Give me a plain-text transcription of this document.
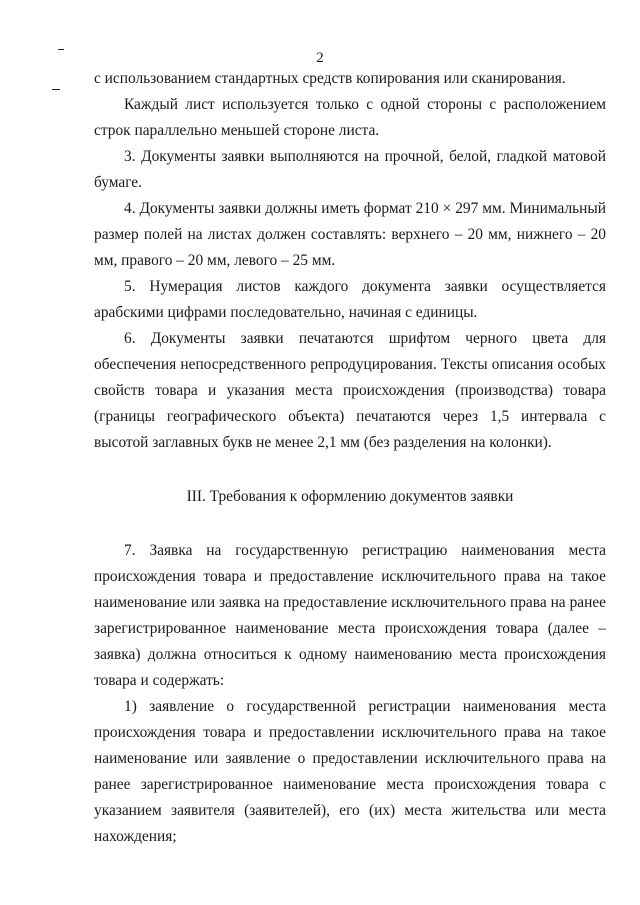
2

с использованием стандартных средств копирования или сканирования.

Каждый лист используется только с одной стороны с расположением строк параллельно меньшей стороне листа.

3. Документы заявки выполняются на прочной, белой, гладкой матовой бумаге.

4. Документы заявки должны иметь формат 210 × 297 мм. Минимальный размер полей на листах должен составлять: верхнего – 20 мм, нижнего – 20 мм, правого – 20 мм, левого – 25 мм.

5. Нумерация листов каждого документа заявки осуществляется арабскими цифрами последовательно, начиная с единицы.

6. Документы заявки печатаются шрифтом черного цвета для обеспечения непосредственного репродуцирования. Тексты описания особых свойств товара и указания места происхождения (производства) товара (границы географического объекта) печатаются через 1,5 интервала с высотой заглавных букв не менее 2,1 мм (без разделения на колонки).

III. Требования к оформлению документов заявки

7. Заявка на государственную регистрацию наименования места происхождения товара и предоставление исключительного права на такое наименование или заявка на предоставление исключительного права на ранее зарегистрированное наименование места происхождения товара (далее – заявка) должна относиться к одному наименованию места происхождения товара и содержать:

1) заявление о государственной регистрации наименования места происхождения товара и предоставлении исключительного права на такое наименование или заявление о предоставлении исключительного права на ранее зарегистрированное наименование места происхождения товара с указанием заявителя (заявителей), его (их) места жительства или места нахождения;
